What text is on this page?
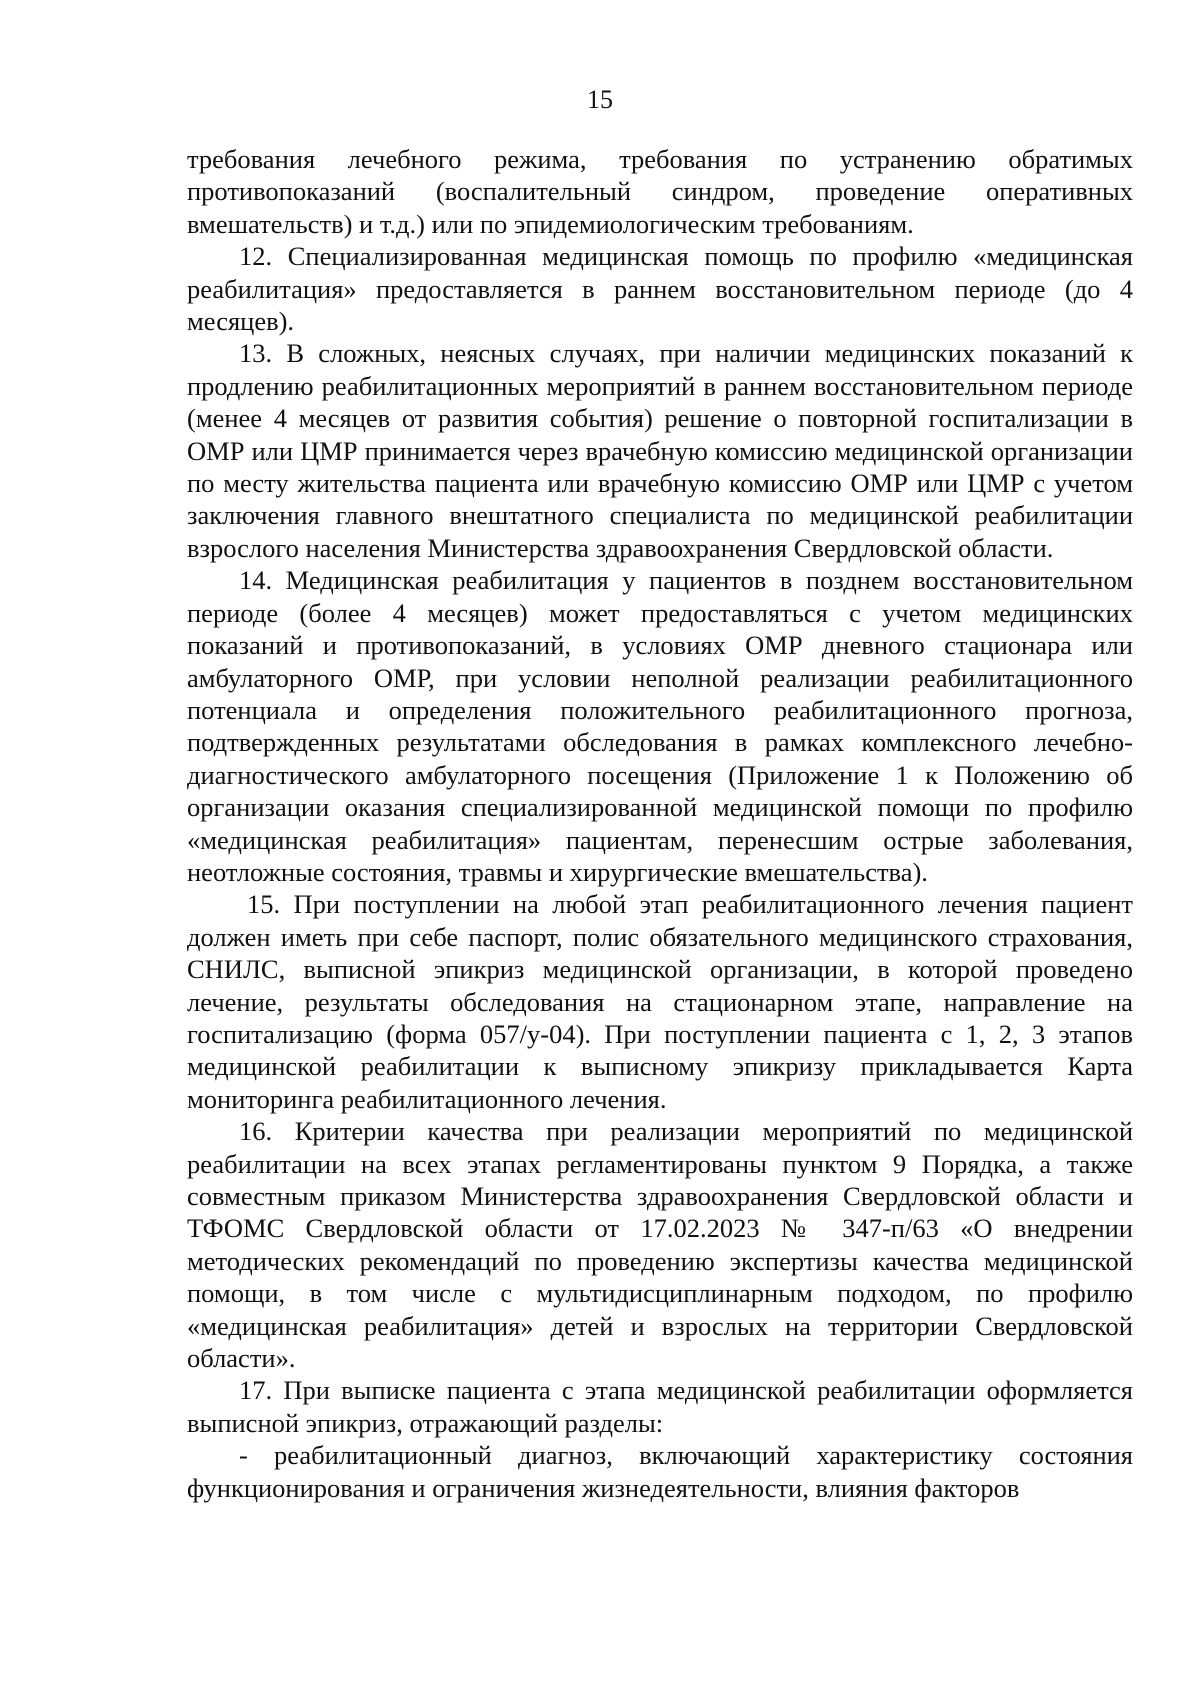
15

требования лечебного режима, требования по устранению обратимых противопоказаний (воспалительный синдром, проведение оперативных вмешательств) и т.д.) или по эпидемиологическим требованиям.

12. Специализированная медицинская помощь по профилю «медицинская реабилитация» предоставляется в раннем восстановительном периоде (до 4 месяцев).

13. В сложных, неясных случаях, при наличии медицинских показаний к продлению реабилитационных мероприятий в раннем восстановительном периоде (менее 4 месяцев от развития события) решение о повторной госпитализации в ОМР или ЦМР принимается через врачебную комиссию медицинской организации по месту жительства пациента или врачебную комиссию ОМР или ЦМР с учетом заключения главного внештатного специалиста по медицинской реабилитации взрослого населения Министерства здравоохранения Свердловской области.

14. Медицинская реабилитация у пациентов в позднем восстановительном периоде (более 4 месяцев) может предоставляться с учетом медицинских показаний и противопоказаний, в условиях ОМР дневного стационара или амбулаторного ОМР, при условии неполной реализации реабилитационного потенциала и определения положительного реабилитационного прогноза, подтвержденных результатами обследования в рамках комплексного лечебно-диагностического амбулаторного посещения (Приложение 1 к Положению об организации оказания специализированной медицинской помощи по профилю «медицинская реабилитация» пациентам, перенесшим острые заболевания, неотложные состояния, травмы и хирургические вмешательства).

15. При поступлении на любой этап реабилитационного лечения пациент должен иметь при себе паспорт, полис обязательного медицинского страхования, СНИЛС, выписной эпикриз медицинской организации, в которой проведено лечение, результаты обследования на стационарном этапе, направление на госпитализацию (форма 057/у-04). При поступлении пациента с 1, 2, 3 этапов медицинской реабилитации к выписному эпикризу прикладывается Карта мониторинга реабилитационного лечения.

16. Критерии качества при реализации мероприятий по медицинской реабилитации на всех этапах регламентированы пунктом 9 Порядка, а также совместным приказом Министерства здравоохранения Свердловской области и ТФОМС Свердловской области от 17.02.2023 № 347-п/63 «О внедрении методических рекомендаций по проведению экспертизы качества медицинской помощи, в том числе с мультидисциплинарным подходом, по профилю «медицинская реабилитация» детей и взрослых на территории Свердловской области».

17. При выписке пациента с этапа медицинской реабилитации оформляется выписной эпикриз, отражающий разделы:

- реабилитационный диагноз, включающий характеристику состояния функционирования и ограничения жизнедеятельности, влияния факторов
